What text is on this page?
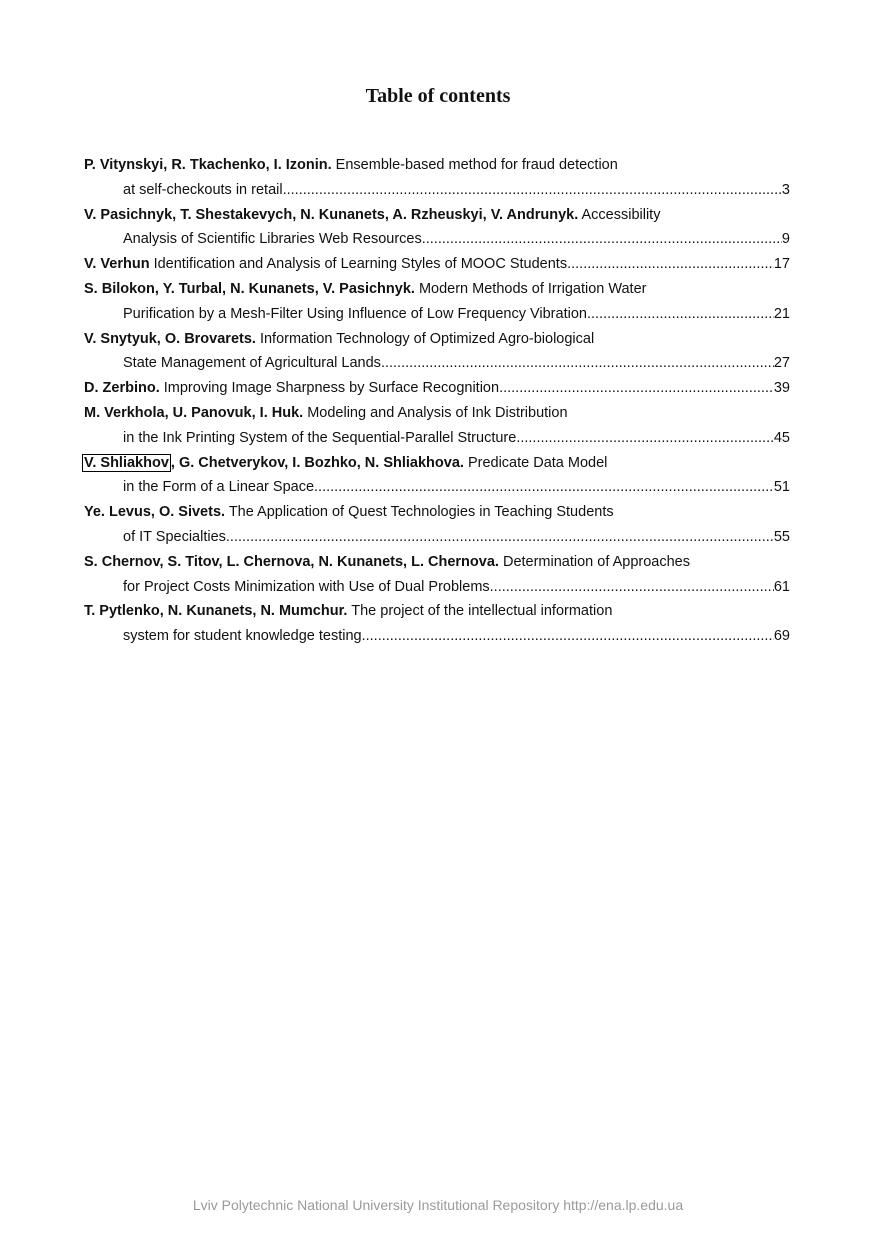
Table of contents
P. Vitynskyi, R. Tkachenko, I. Izonin. Ensemble-based method for fraud detection
at self-checkouts in retail .....	3
V. Pasichnyk, T. Shestakevych, N. Kunanets, A. Rzheuskyi, V. Andrunyk. Accessibility
Analysis of Scientific Libraries Web Resources .....	9
V. Verhun Identification and Analysis of Learning Styles of MOOC Students .....	17
S. Bilokon, Y. Turbal, N. Kunanets, V. Pasichnyk. Modern Methods of Irrigation Water
Purification by a Mesh-Filter Using Influence of Low Frequency Vibration .....	21
V. Snytyuk, O. Brovarets. Information Technology of Optimized Agro-biological
State Management of Agricultural Lands .....	27
D. Zerbino. Improving Image Sharpness by Surface Recognition .....	39
M. Verkhola, U. Panovuk, I. Huk. Modeling and Analysis of Ink Distribution
in the Ink Printing System of the Sequential-Parallel Structure .....	45
V. Shliakhov , G. Chetverykov, I. Bozhko, N. Shliakhova. Predicate Data Model
in the Form of a Linear Space .....	51
Ye. Levus, O. Sivets. The Application of Quest Technologies in Teaching Students
of IT Specialties .....	55
S. Chernov, S. Titov, L. Chernova, N. Kunanets, L. Chernova. Determination of Approaches
for Project Costs Minimization with Use of Dual Problems .....	61
T. Pytlenko, N. Kunanets, N. Mumchur. The project of the intellectual information
system for student knowledge testing .....	69
Lviv Polytechnic National University Institutional Repository http://ena.lp.edu.ua
